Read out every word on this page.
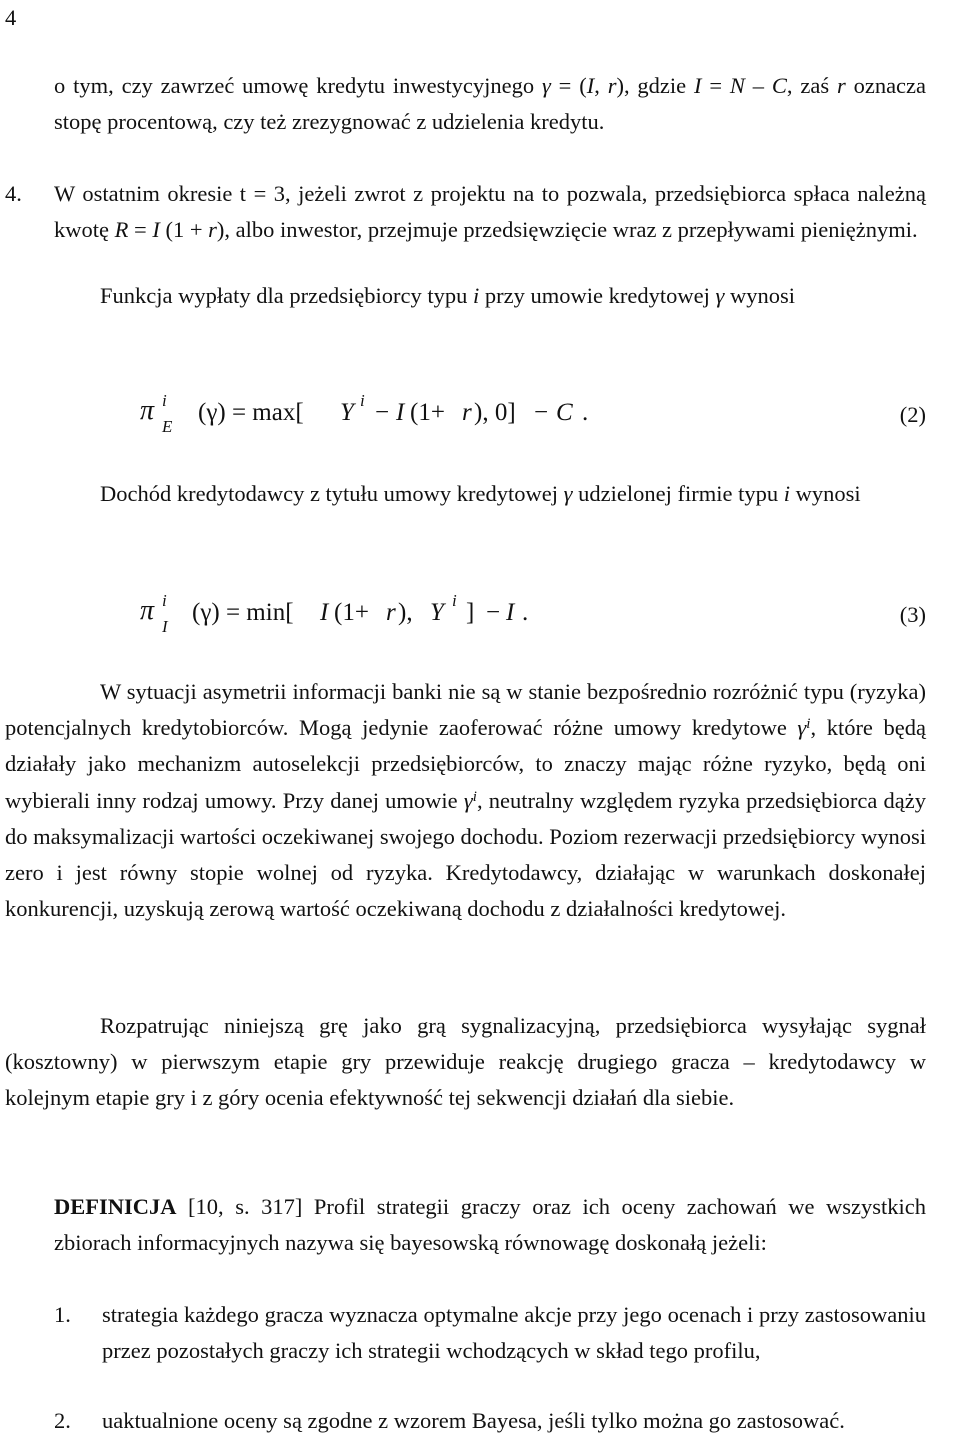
4

o tym, czy zawrzeć umowę kredytu inwestycyjnego γ = (I, r), gdzie I = N – C, zaś r oznacza stopę procentową, czy też zrezygnować z udzielenia kredytu.

4. W ostatnim okresie t = 3, jeżeli zwrot z projektu na to pozwala, przedsiębiorca spłaca należną kwotę R = I (1 + r), albo inwestor, przejmuje przedsięwzięcie wraz z przepływami pieniężnymi.

Funkcja wypłaty dla przedsiębiorcy typu i przy umowie kredytowej γ wynosi

π i
E
(γ) = max[ Y i − I (1+ r ), 0] − C .	(2)

Dochód kredytodawcy z tytułu umowy kredytowej γ udzielonej firmie typu i wynosi

π i
I
(γ) = min[ I (1+ r ), Y i ] − I .	(3)

W sytuacji asymetrii informacji banki nie są w stanie bezpośrednio rozróżnić typu (ryzyka) potencjalnych kredytobiorców. Mogą jedynie zaoferować różne umowy kredytowe $\gamma^i$, które będą działały jako mechanizm autoselekcji przedsiębiorców, to znaczy mając różne ryzyko, będą oni wybierali inny rodzaj umowy. Przy danej umowie $\gamma^i$, neutralny względem ryzyka przedsiębiorca dąży do maksymalizacji wartości oczekiwanej swojego dochodu. Poziom rezerwacji przedsiębiorcy wynosi zero i jest równy stopie wolnej od ryzyka. Kredytodawcy, działając w warunkach doskonałej konkurencji, uzyskują zerową wartość oczekiwaną dochodu z działalności kredytowej.

Rozpatrując niniejszą grę jako grą sygnalizacyjną, przedsiębiorca wysyłając sygnał (kosztowny) w pierwszym etapie gry przewiduje reakcję drugiego gracza – kredytodawcy w kolejnym etapie gry i z góry ocenia efektywność tej sekwencji działań dla siebie.

DEFINICJA [10, s. 317] Profil strategii graczy oraz ich oceny zachowań we wszystkich zbiorach informacyjnych nazywa się bayesowską równowagę doskonałą jeżeli:

1. strategia każdego gracza wyznacza optymalne akcje przy jego ocenach i przy zastosowaniu przez pozostałych graczy ich strategii wchodzących w skład tego profilu,

2. uaktualnione oceny są zgodne z wzorem Bayesa, jeśli tylko można go zastosować.
